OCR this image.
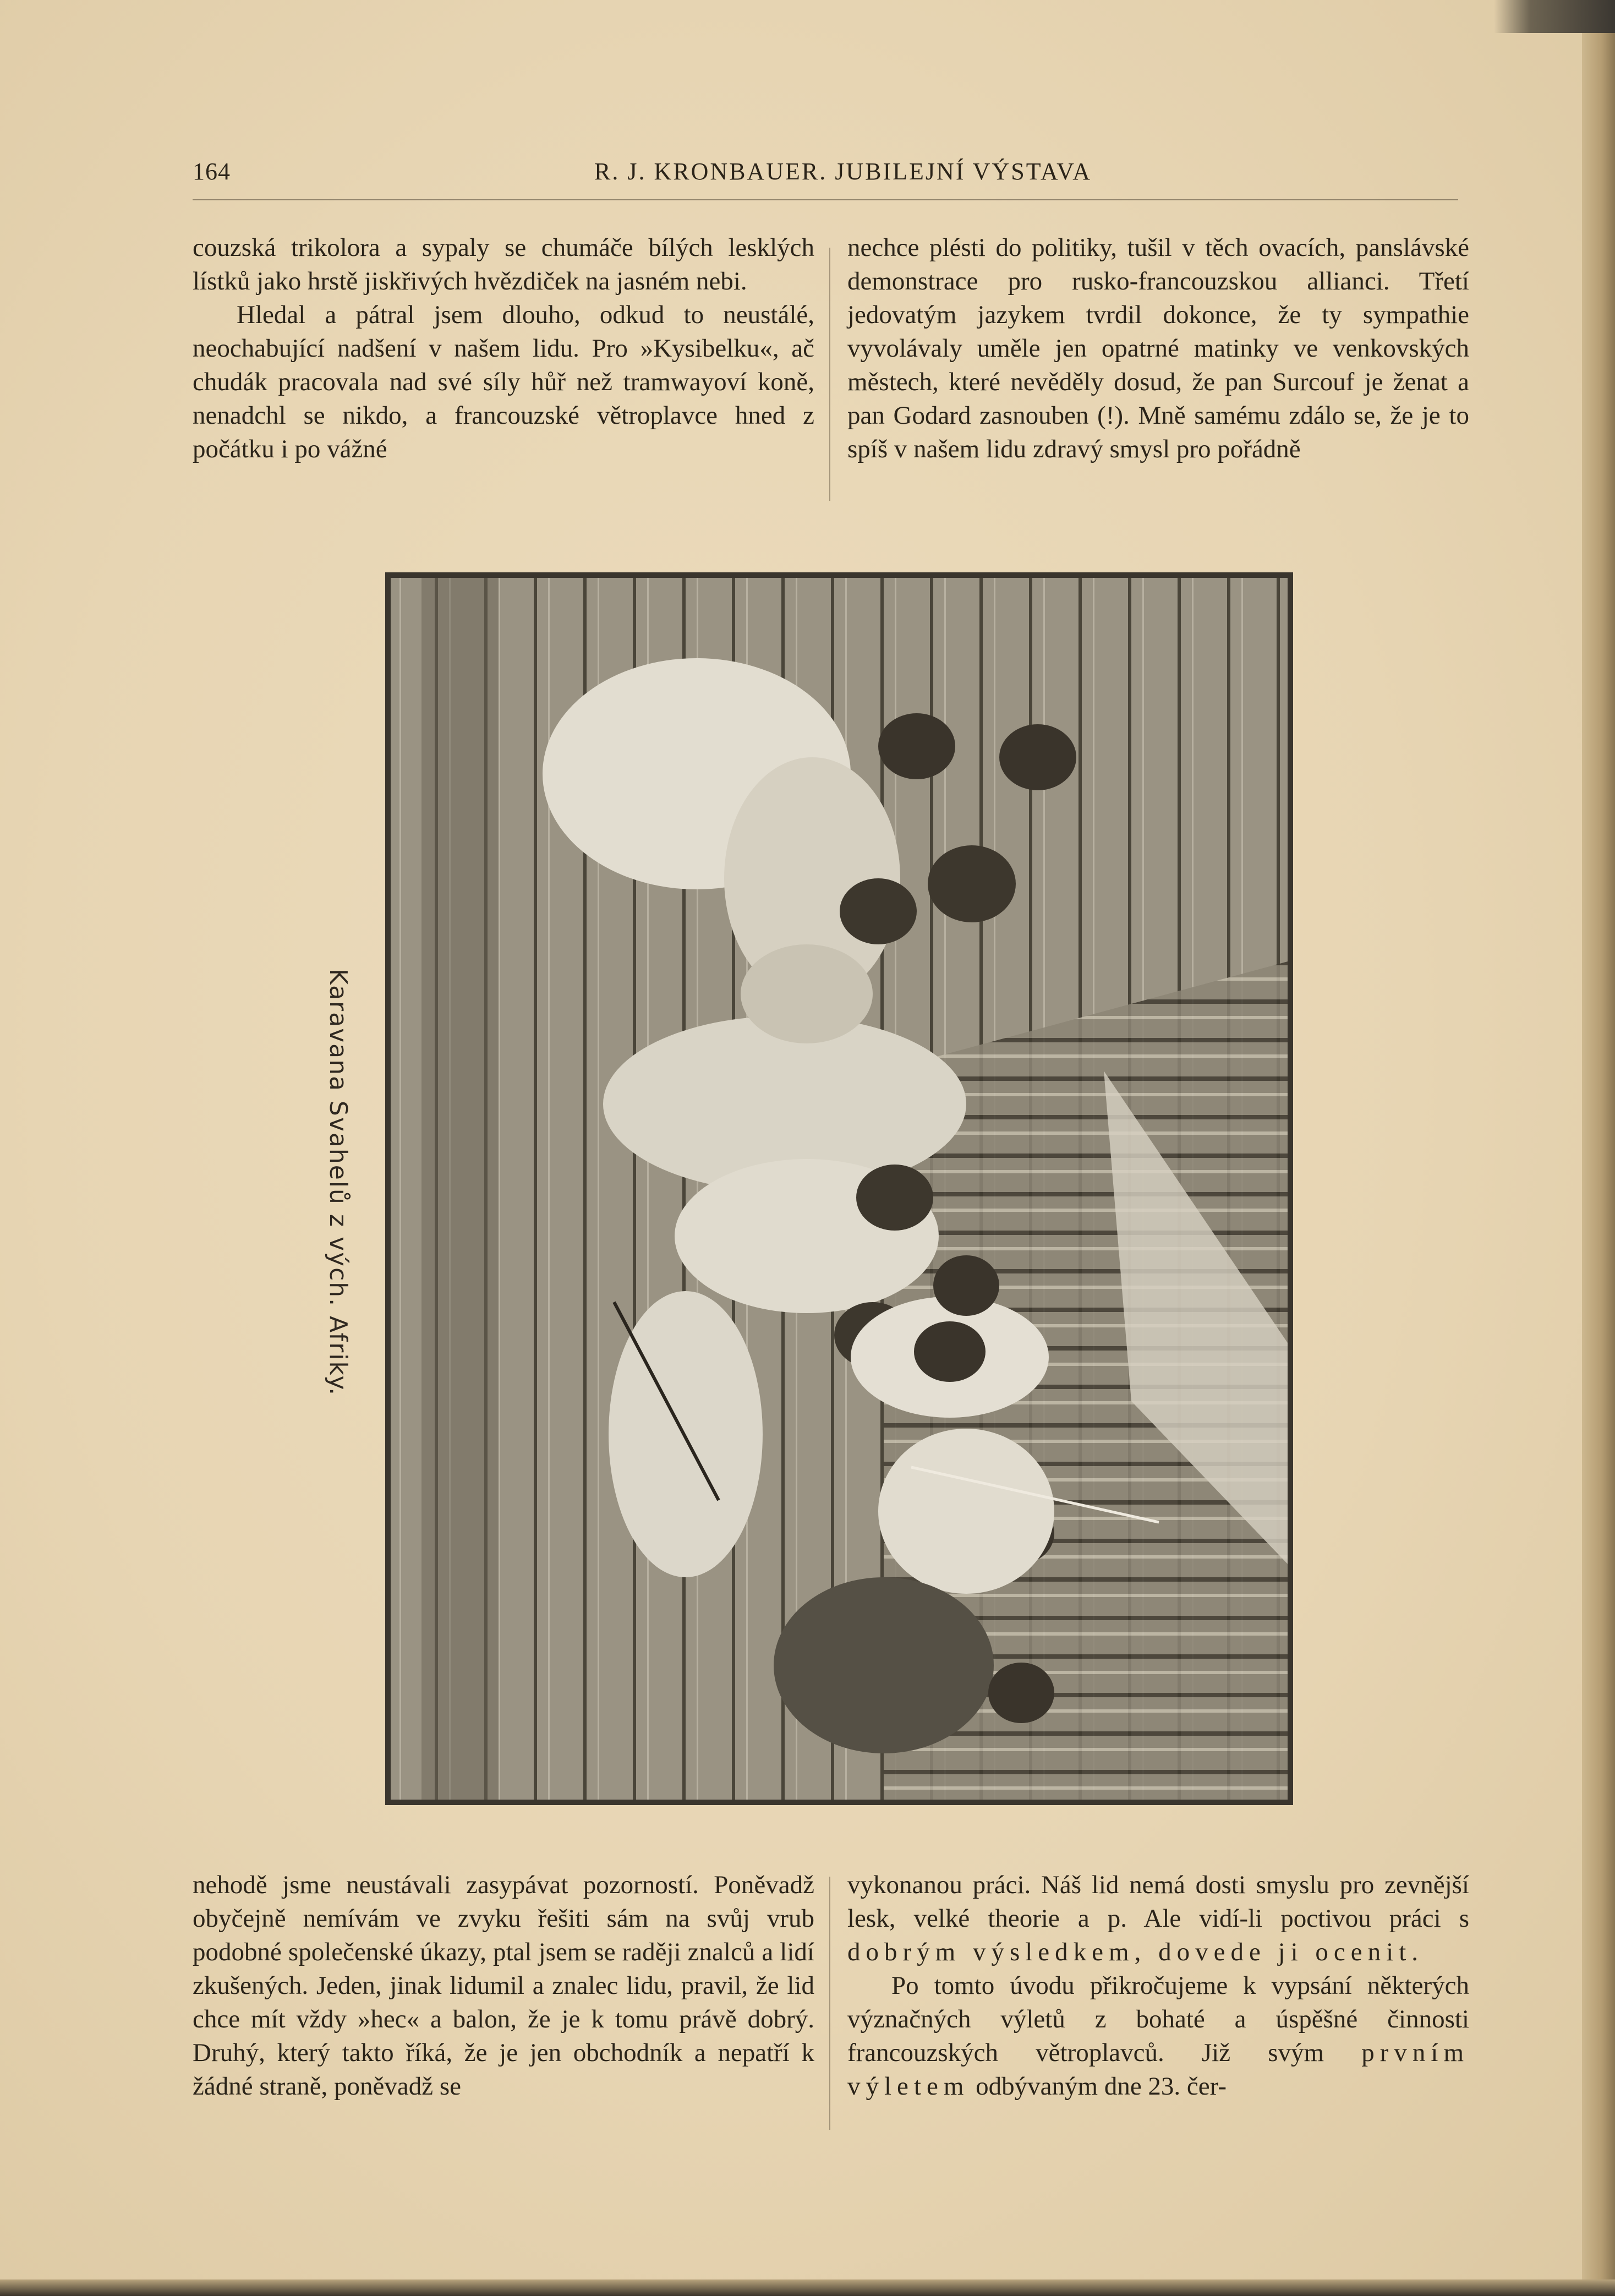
164	R. J. KRONBAUER. JUBILEJNÍ VÝSTAVA

couzská trikolora a sypaly se chumáče bílých lesklých lístků jako hrstě jiskřivých hvězdiček na jasném nebi.

Hledal a pátral jsem dlouho, odkud to neustálé, neochabující nadšení v našem lidu. Pro »Kysibelku«, ač chudák pracovala nad své síly hůř než tramwayoví koně, nenadchl se nikdo, a francouzské větroplavce hned z počátku i po vážné

nechce plésti do politiky, tušil v těch ovacích, panslávské demonstrace pro rusko-francouzskou allianci. Třetí jedovatým jazykem tvrdil dokonce, že ty sympathie vyvolávaly uměle jen opatrné matinky ve venkovských městech, které nevěděly dosud, že pan Surcouf je ženat a pan Godard zasnouben (!). Mně samému zdálo se, že je to spíš v našem lidu zdravý smysl pro pořádně

Karavana Svahelů z vých. Afriky.

nehodě jsme neustávali zasypávat pozorností. Poněvadž obyčejně nemívám ve zvyku řešiti sám na svůj vrub podobné společenské úkazy, ptal jsem se raději znalců a lidí zkušených. Jeden, jinak lidumil a znalec lidu, pravil, že lid chce mít vždy »hec« a balon, že je k tomu právě dobrý. Druhý, který takto říká, že je jen obchodník a nepatří k žádné straně, poněvadž se

vykonanou práci. Náš lid nemá dosti smyslu pro zevnější lesk, velké theorie a p. Ale vidí-li poctivou práci s dobrým výsledkem, dovede ji ocenit.

Po tomto úvodu přikročujeme k vypsání některých význačných výletů z bohaté a úspěšné činnosti francouzských větroplavců. Již svým prvním výletem odbývaným dne 23. čer-
